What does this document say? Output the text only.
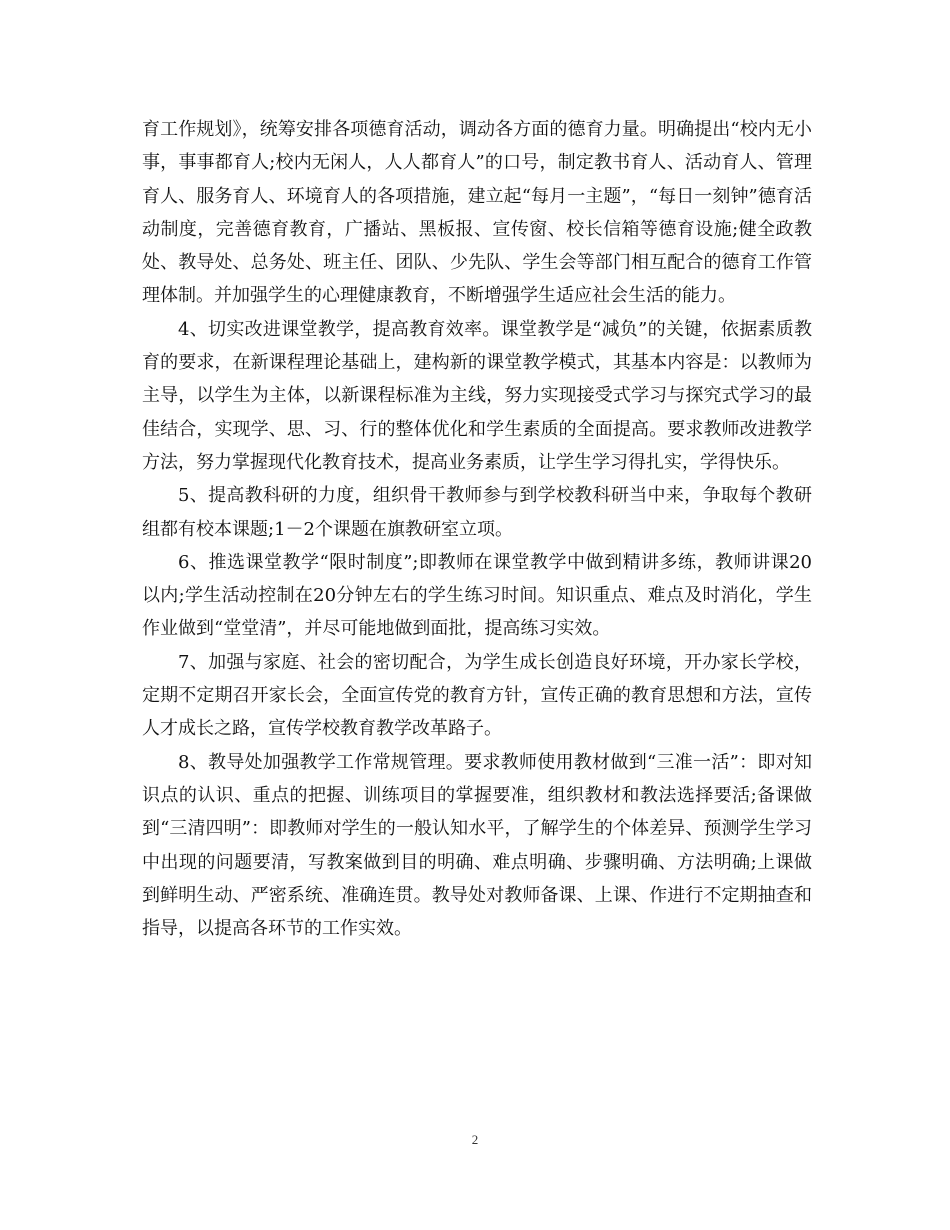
育工作规划》，统筹安排各项德育活动，调动各方面的德育力量。明确提出“校内无小事，事事都育人;校内无闲人，人人都育人”的口号，制定教书育人、活动育人、管理育人、服务育人、环境育人的各项措施，建立起“每月一主题”，“每日一刻钟”德育活动制度，完善德育教育，广播站、黑板报、宣传窗、校长信箱等德育设施;健全政教处、教导处、总务处、班主任、团队、少先队、学生会等部门相互配合的德育工作管理体制。并加强学生的心理健康教育，不断增强学生适应社会生活的能力。

4、切实改进课堂教学，提高教育效率。课堂教学是“减负”的关键，依据素质教育的要求，在新课程理论基础上，建构新的课堂教学模式，其基本内容是：以教师为主导，以学生为主体，以新课程标准为主线，努力实现接受式学习与探究式学习的最佳结合，实现学、思、习、行的整体优化和学生素质的全面提高。要求教师改进教学方法，努力掌握现代化教育技术，提高业务素质，让学生学习得扎实，学得快乐。

5、提高教科研的力度，组织骨干教师参与到学校教科研当中来，争取每个教研组都有校本课题;1－2个课题在旗教研室立项。

6、推选课堂教学“限时制度”;即教师在课堂教学中做到精讲多练，教师讲课20以内;学生活动控制在20分钟左右的学生练习时间。知识重点、难点及时消化，学生作业做到“堂堂清”，并尽可能地做到面批，提高练习实效。

7、加强与家庭、社会的密切配合，为学生成长创造良好环境，开办家长学校，定期不定期召开家长会，全面宣传党的教育方针，宣传正确的教育思想和方法，宣传人才成长之路，宣传学校教育教学改革路子。

8、教导处加强教学工作常规管理。要求教师使用教材做到“三准一活”：即对知识点的认识、重点的把握、训练项目的掌握要准，组织教材和教法选择要活;备课做到“三清四明”：即教师对学生的一般认知水平，了解学生的个体差异、预测学生学习中出现的问题要清，写教案做到目的明确、难点明确、步骤明确、方法明确;上课做到鲜明生动、严密系统、准确连贯。教导处对教师备课、上课、作进行不定期抽查和指导，以提高各环节的工作实效。

2
